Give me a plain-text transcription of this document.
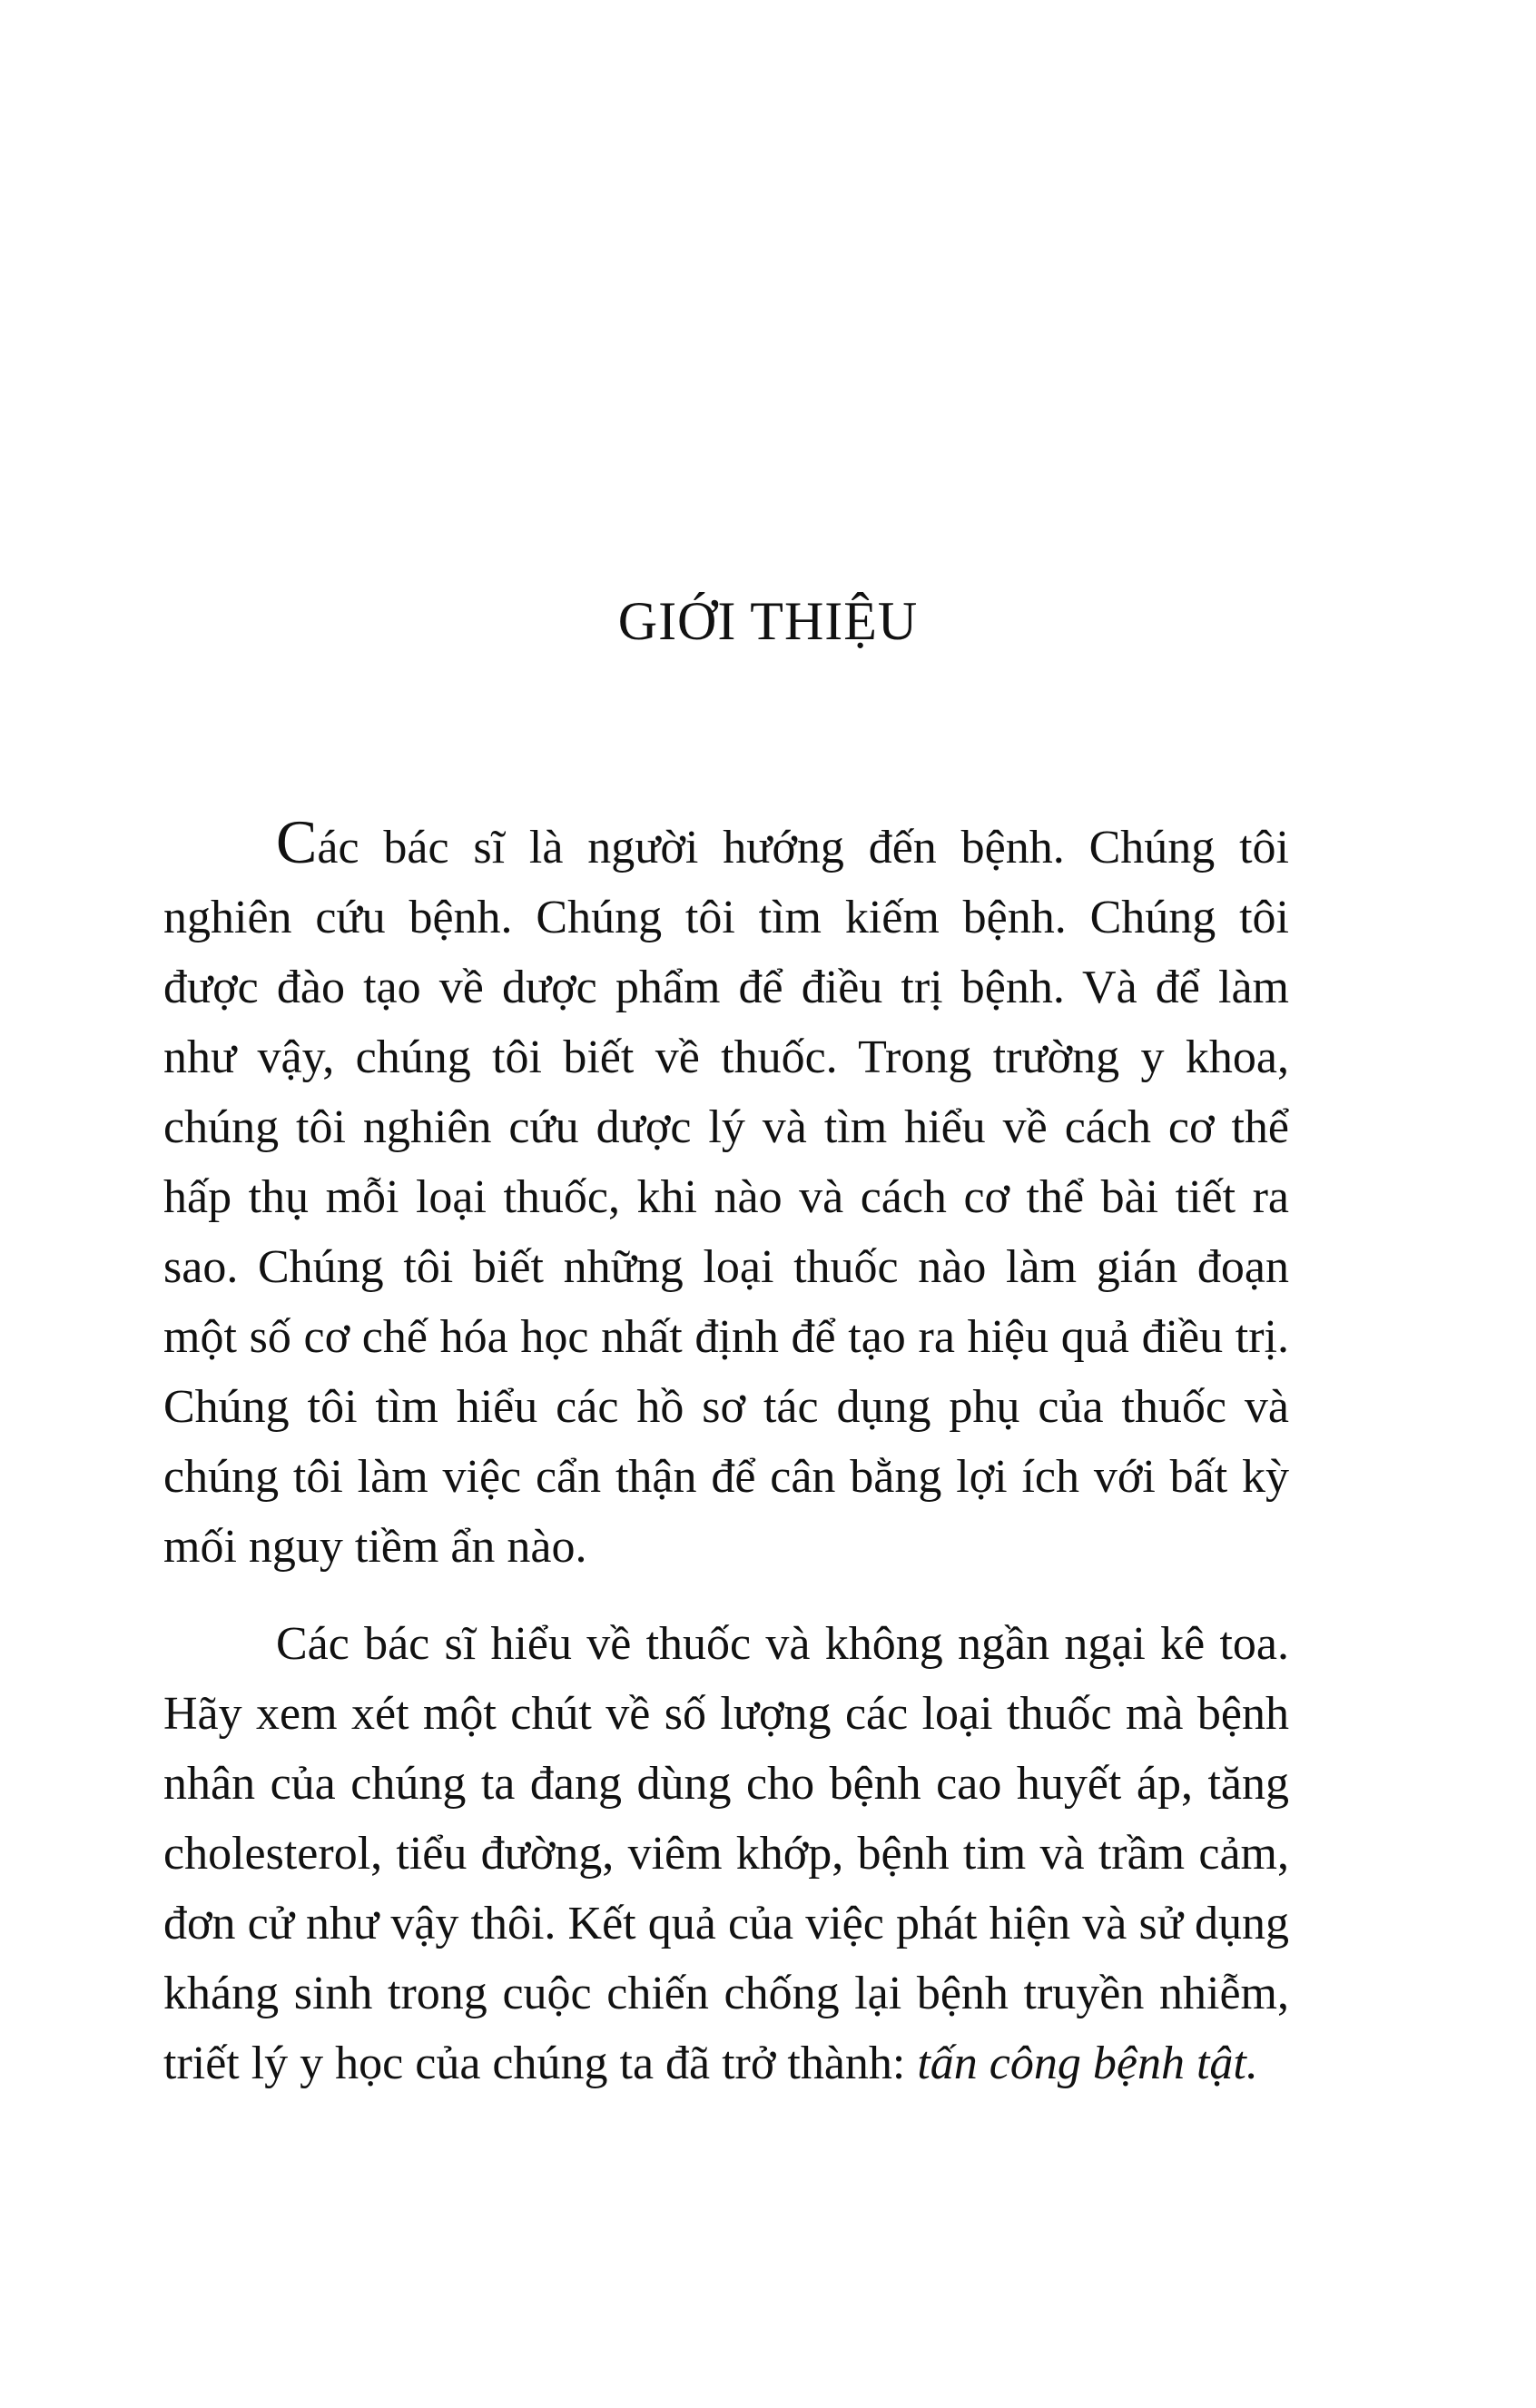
GIỚI THIỆU

Các bác sĩ là người hướng đến bệnh. Chúng tôi nghiên cứu bệnh. Chúng tôi tìm kiếm bệnh. Chúng tôi được đào tạo về dược phẩm để điều trị bệnh. Và để làm như vậy, chúng tôi biết về thuốc. Trong trường y khoa, chúng tôi nghiên cứu dược lý và tìm hiểu về cách cơ thể hấp thụ mỗi loại thuốc, khi nào và cách cơ thể bài tiết ra sao. Chúng tôi biết những loại thuốc nào làm gián đoạn một số cơ chế hóa học nhất định để tạo ra hiệu quả điều trị. Chúng tôi tìm hiểu các hồ sơ tác dụng phụ của thuốc và chúng tôi làm việc cẩn thận để cân bằng lợi ích với bất kỳ mối nguy tiềm ẩn nào.

Các bác sĩ hiểu về thuốc và không ngần ngại kê toa. Hãy xem xét một chút về số lượng các loại thuốc mà bệnh nhân của chúng ta đang dùng cho bệnh cao huyết áp, tăng cholesterol, tiểu đường, viêm khớp, bệnh tim và trầm cảm, đơn cử như vậy thôi. Kết quả của việc phát hiện và sử dụng kháng sinh trong cuộc chiến chống lại bệnh truyền nhiễm, triết lý y học của chúng ta đã trở thành: tấn công bệnh tật.
